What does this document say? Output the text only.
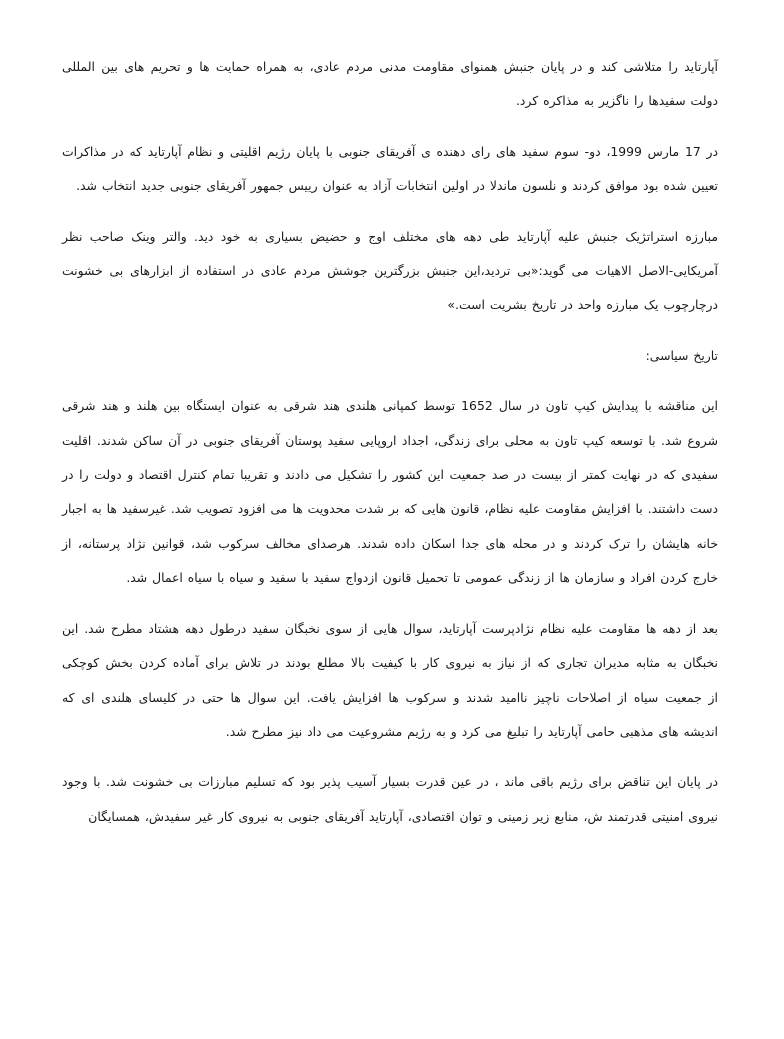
آپارتاید را متلاشی کند و در پایان جنبش همنوای مقاومت مدنی مردم عادی، به همراه حمایت ها و تحریم های بین المللی
دولت سفیدها را ناگزیر به مذاکره کرد.

در 17 مارس 1999، دو- سوم سفید های رای دهنده ی آفریقای جنوبی با پایان رژیم اقلیتی و نظام آپارتاید که در مذاکرات
تعیین شده بود موافق کردند و نلسون ماندلا در اولین انتخابات آزاد به عنوان رییس جمهور آفریقای جنوبی جدید انتخاب شد.

مبارزه استراتژیک جنبش علیه آپارتاید طی دهه های مختلف اوج و حضیض بسیاری به خود دید. والتر وینک صاحب نظر
آمریکایی-الاصل الاهیات می گوید:«بی تردید،این جنبش بزرگترین جوشش مردم عادی در استفاده از ابزارهای بی خشونت
درچارچوب یک مبارزه واحد در تاریخ بشریت است.»

تاریخ سیاسی:

این مناقشه با پیدایش کیپ تاون در سال 1652 توسط کمپانی هلندی هند شرقی به عنوان ایستگاه بین هلند و هند شرقی
شروع شد. با توسعه کیپ تاون به محلی برای زندگی، اجداد اروپایی سفید پوستان آفریقای جنوبی در آن ساکن شدند. اقلیت
سفیدی که در نهایت کمتر از بیست در صد جمعیت این کشور را تشکیل می دادند و تقریبا تمام کنترل اقتصاد و دولت را در
دست داشتند. با افزایش مقاومت علیه نظام، قانون هایی که بر شدت محدویت ها می افزود تصویب شد. غیرسفید ها به اجبار
خانه هایشان را ترک کردند و در محله های جدا اسکان داده شدند. هرصدای مخالف سرکوب شد، قوانین نژاد پرستانه، از
خارج کردن افراد و سازمان ها از زندگی عمومی تا تحمیل قانون ازدواج سفید با سفید و سیاه با سیاه اعمال شد.

بعد از دهه ها مقاومت علیه نظام نژادپرست آپارتاید، سوال هایی از سوی نخبگان سفید درطول دهه هشتاد مطرح شد. این
نخبگان به مثابه مدیران تجاری که از نیاز به نیروی کار با کیفیت بالا مطلع بودند در تلاش برای آماده کردن بخش کوچکی
از جمعیت سیاه از اصلاحات ناچیز ناامید شدند و سرکوب ها افزایش یافت. این سوال ها حتی در کلیسای هلندی ای که
اندیشه های مذهبی حامی آپارتاید را تبلیغ می کرد و به رژیم مشروعیت می داد نیز مطرح شد.

در پایان این تناقض برای رژیم باقی ماند ، در عین قدرت بسیار آسیب پذیر بود که تسلیم مبارزات بی خشونت شد. با وجود
نیروی امنیتی قدرتمند ش، منابع زیر زمینی و توان اقتصادی، آپارتاید آفریقای جنوبی به نیروی کار غیر سفیدش، همسایگان
